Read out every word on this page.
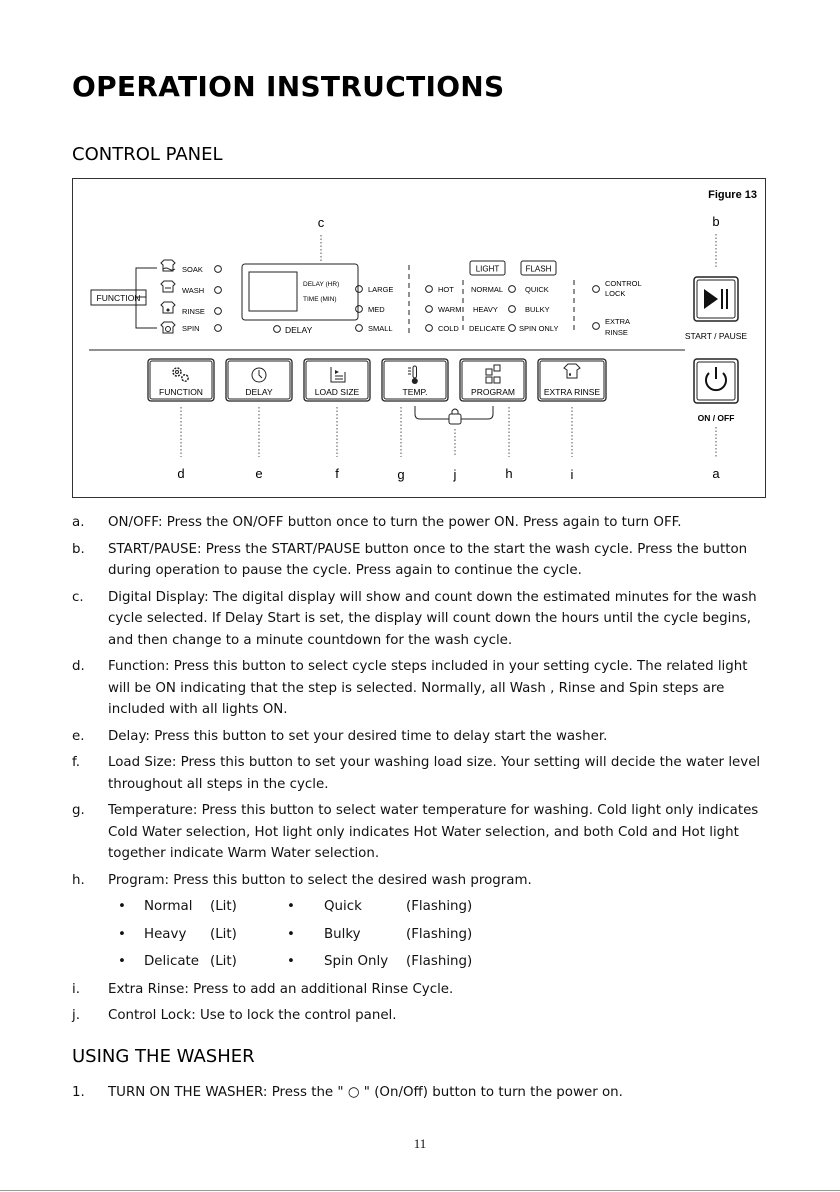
OPERATION INSTRUCTIONS
CONTROL PANEL
Figure 13
c	b
FUNCTION
SOAK
WASH
RINSE
SPIN
DELAY (HR)
TIME (MIN)
DELAY
LARGE
MED
SMALL
HOT
WARM
COLD
LIGHT	FLASH
NORMAL
HEAVY
DELICATE
QUICK
BULKY
SPIN ONLY
CONTROL
LOCK
EXTRA
RINSE	START / PAUSE
FUNCTION	DELAY	LOAD SIZE	TEMP.	PROGRAM	EXTRA RINSE
ON / OFF
d	e	f	g	j	h	i	a
a. ON/OFF: Press the ON/OFF button once to turn the power ON. Press again to turn OFF.
b. START/PAUSE: Press the START/PAUSE button once to the start the wash cycle. Press the button during operation to pause the cycle. Press again to continue the cycle.
c. Digital Display: The digital display will show and count down the estimated minutes for the wash cycle selected. If Delay Start is set, the display will count down the hours until the cycle begins, and then change to a minute countdown for the wash cycle.
d. Function: Press this button to select cycle steps included in your setting cycle. The related light will be ON indicating that the step is selected. Normally, all Wash , Rinse and Spin steps are included with all lights ON.
e. Delay: Press this button to set your desired time to delay start the washer.
f. Load Size: Press this button to set your washing load size. Your setting will decide the water level throughout all steps in the cycle.
g. Temperature: Press this button to select water temperature for washing. Cold light only indicates Cold Water selection, Hot light only indicates Hot Water selection, and both Cold and Hot light together indicate Warm Water selection.
h. Program: Press this button to select the desired wash program.
• Normal (Lit)	• Quick	(Flashing)
• Heavy (Lit)	• Bulky	(Flashing)
• Delicate (Lit)	• Spin Only (Flashing)
i. Extra Rinse: Press to add an additional Rinse Cycle.
j. Control Lock: Use to lock the control panel.
USING THE WASHER
1. TURN ON THE WASHER: Press the " ○ " (On/Off) button to turn the power on.
11
